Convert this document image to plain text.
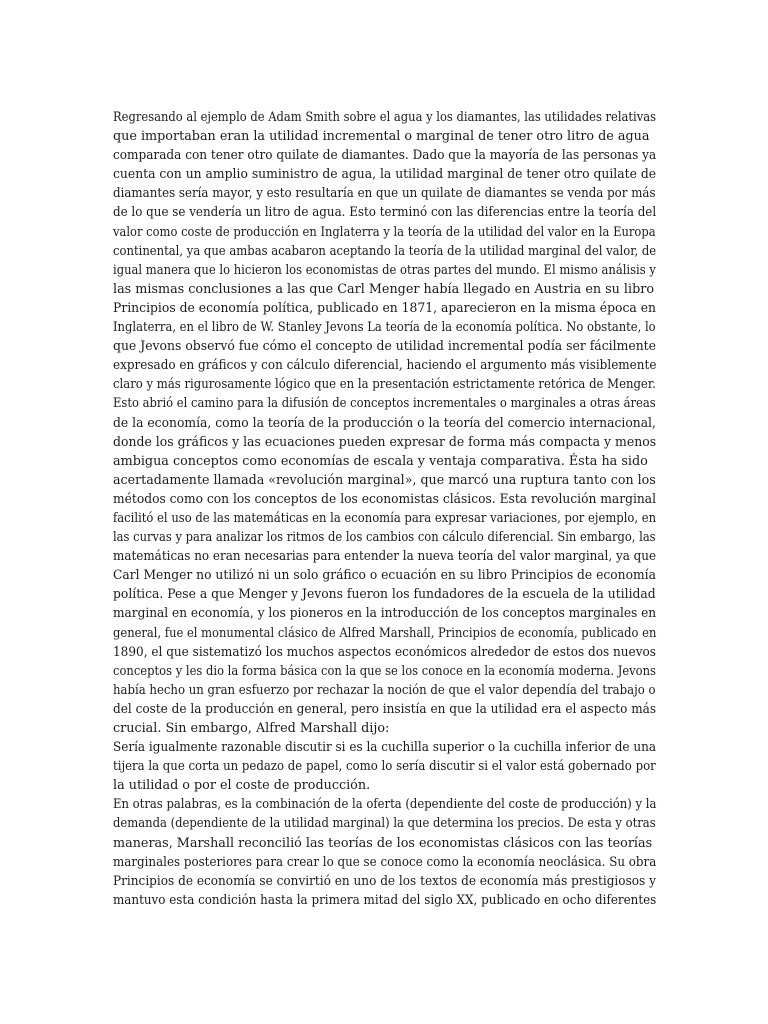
Regresando al ejemplo de Adam Smith sobre el agua y los diamantes, las utilidades relativas
que importaban eran la utilidad incremental o marginal de tener otro litro de agua
comparada con tener otro quilate de diamantes. Dado que la mayoría de las personas ya
cuenta con un amplio suministro de agua, la utilidad marginal de tener otro quilate de
diamantes sería mayor, y esto resultaría en que un quilate de diamantes se venda por más
de lo que se vendería un litro de agua. Esto terminó con las diferencias entre la teoría del
valor como coste de producción en Inglaterra y la teoría de la utilidad del valor en la Europa
continental, ya que ambas acabaron aceptando la teoría de la utilidad marginal del valor, de
igual manera que lo hicieron los economistas de otras partes del mundo. El mismo análisis y
las mismas conclusiones a las que Carl Menger había llegado en Austria en su libro
Principios de economía política, publicado en 1871, aparecieron en la misma época en
Inglaterra, en el libro de W. Stanley Jevons La teoría de la economía política. No obstante, lo
que Jevons observó fue cómo el concepto de utilidad incremental podía ser fácilmente
expresado en gráficos y con cálculo diferencial, haciendo el argumento más visiblemente
claro y más rigurosamente lógico que en la presentación estrictamente retórica de Menger.
Esto abrió el camino para la difusión de conceptos incrementales o marginales a otras áreas
de la economía, como la teoría de la producción o la teoría del comercio internacional,
donde los gráficos y las ecuaciones pueden expresar de forma más compacta y menos
ambigua conceptos como economías de escala y ventaja comparativa. Ésta ha sido
acertadamente llamada «revolución marginal», que marcó una ruptura tanto con los
métodos como con los conceptos de los economistas clásicos. Esta revolución marginal
facilitó el uso de las matemáticas en la economía para expresar variaciones, por ejemplo, en
las curvas y para analizar los ritmos de los cambios con cálculo diferencial. Sin embargo, las
matemáticas no eran necesarias para entender la nueva teoría del valor marginal, ya que
Carl Menger no utilizó ni un solo gráfico o ecuación en su libro Principios de economía
política. Pese a que Menger y Jevons fueron los fundadores de la escuela de la utilidad
marginal en economía, y los pioneros en la introducción de los conceptos marginales en
general, fue el monumental clásico de Alfred Marshall, Principios de economía, publicado en
1890, el que sistematizó los muchos aspectos económicos alrededor de estos dos nuevos
conceptos y les dio la forma básica con la que se los conoce en la economía moderna. Jevons
había hecho un gran esfuerzo por rechazar la noción de que el valor dependía del trabajo o
del coste de la producción en general, pero insistía en que la utilidad era el aspecto más
crucial. Sin embargo, Alfred Marshall dijo:
Sería igualmente razonable discutir si es la cuchilla superior o la cuchilla inferior de una
tijera la que corta un pedazo de papel, como lo sería discutir si el valor está gobernado por
la utilidad o por el coste de producción.
En otras palabras, es la combinación de la oferta (dependiente del coste de producción) y la
demanda (dependiente de la utilidad marginal) la que determina los precios. De esta y otras
maneras, Marshall reconcilió las teorías de los economistas clásicos con las teorías
marginales posteriores para crear lo que se conoce como la economía neoclásica. Su obra
Principios de economía se convirtió en uno de los textos de economía más prestigiosos y
mantuvo esta condición hasta la primera mitad del siglo XX, publicado en ocho diferentes
